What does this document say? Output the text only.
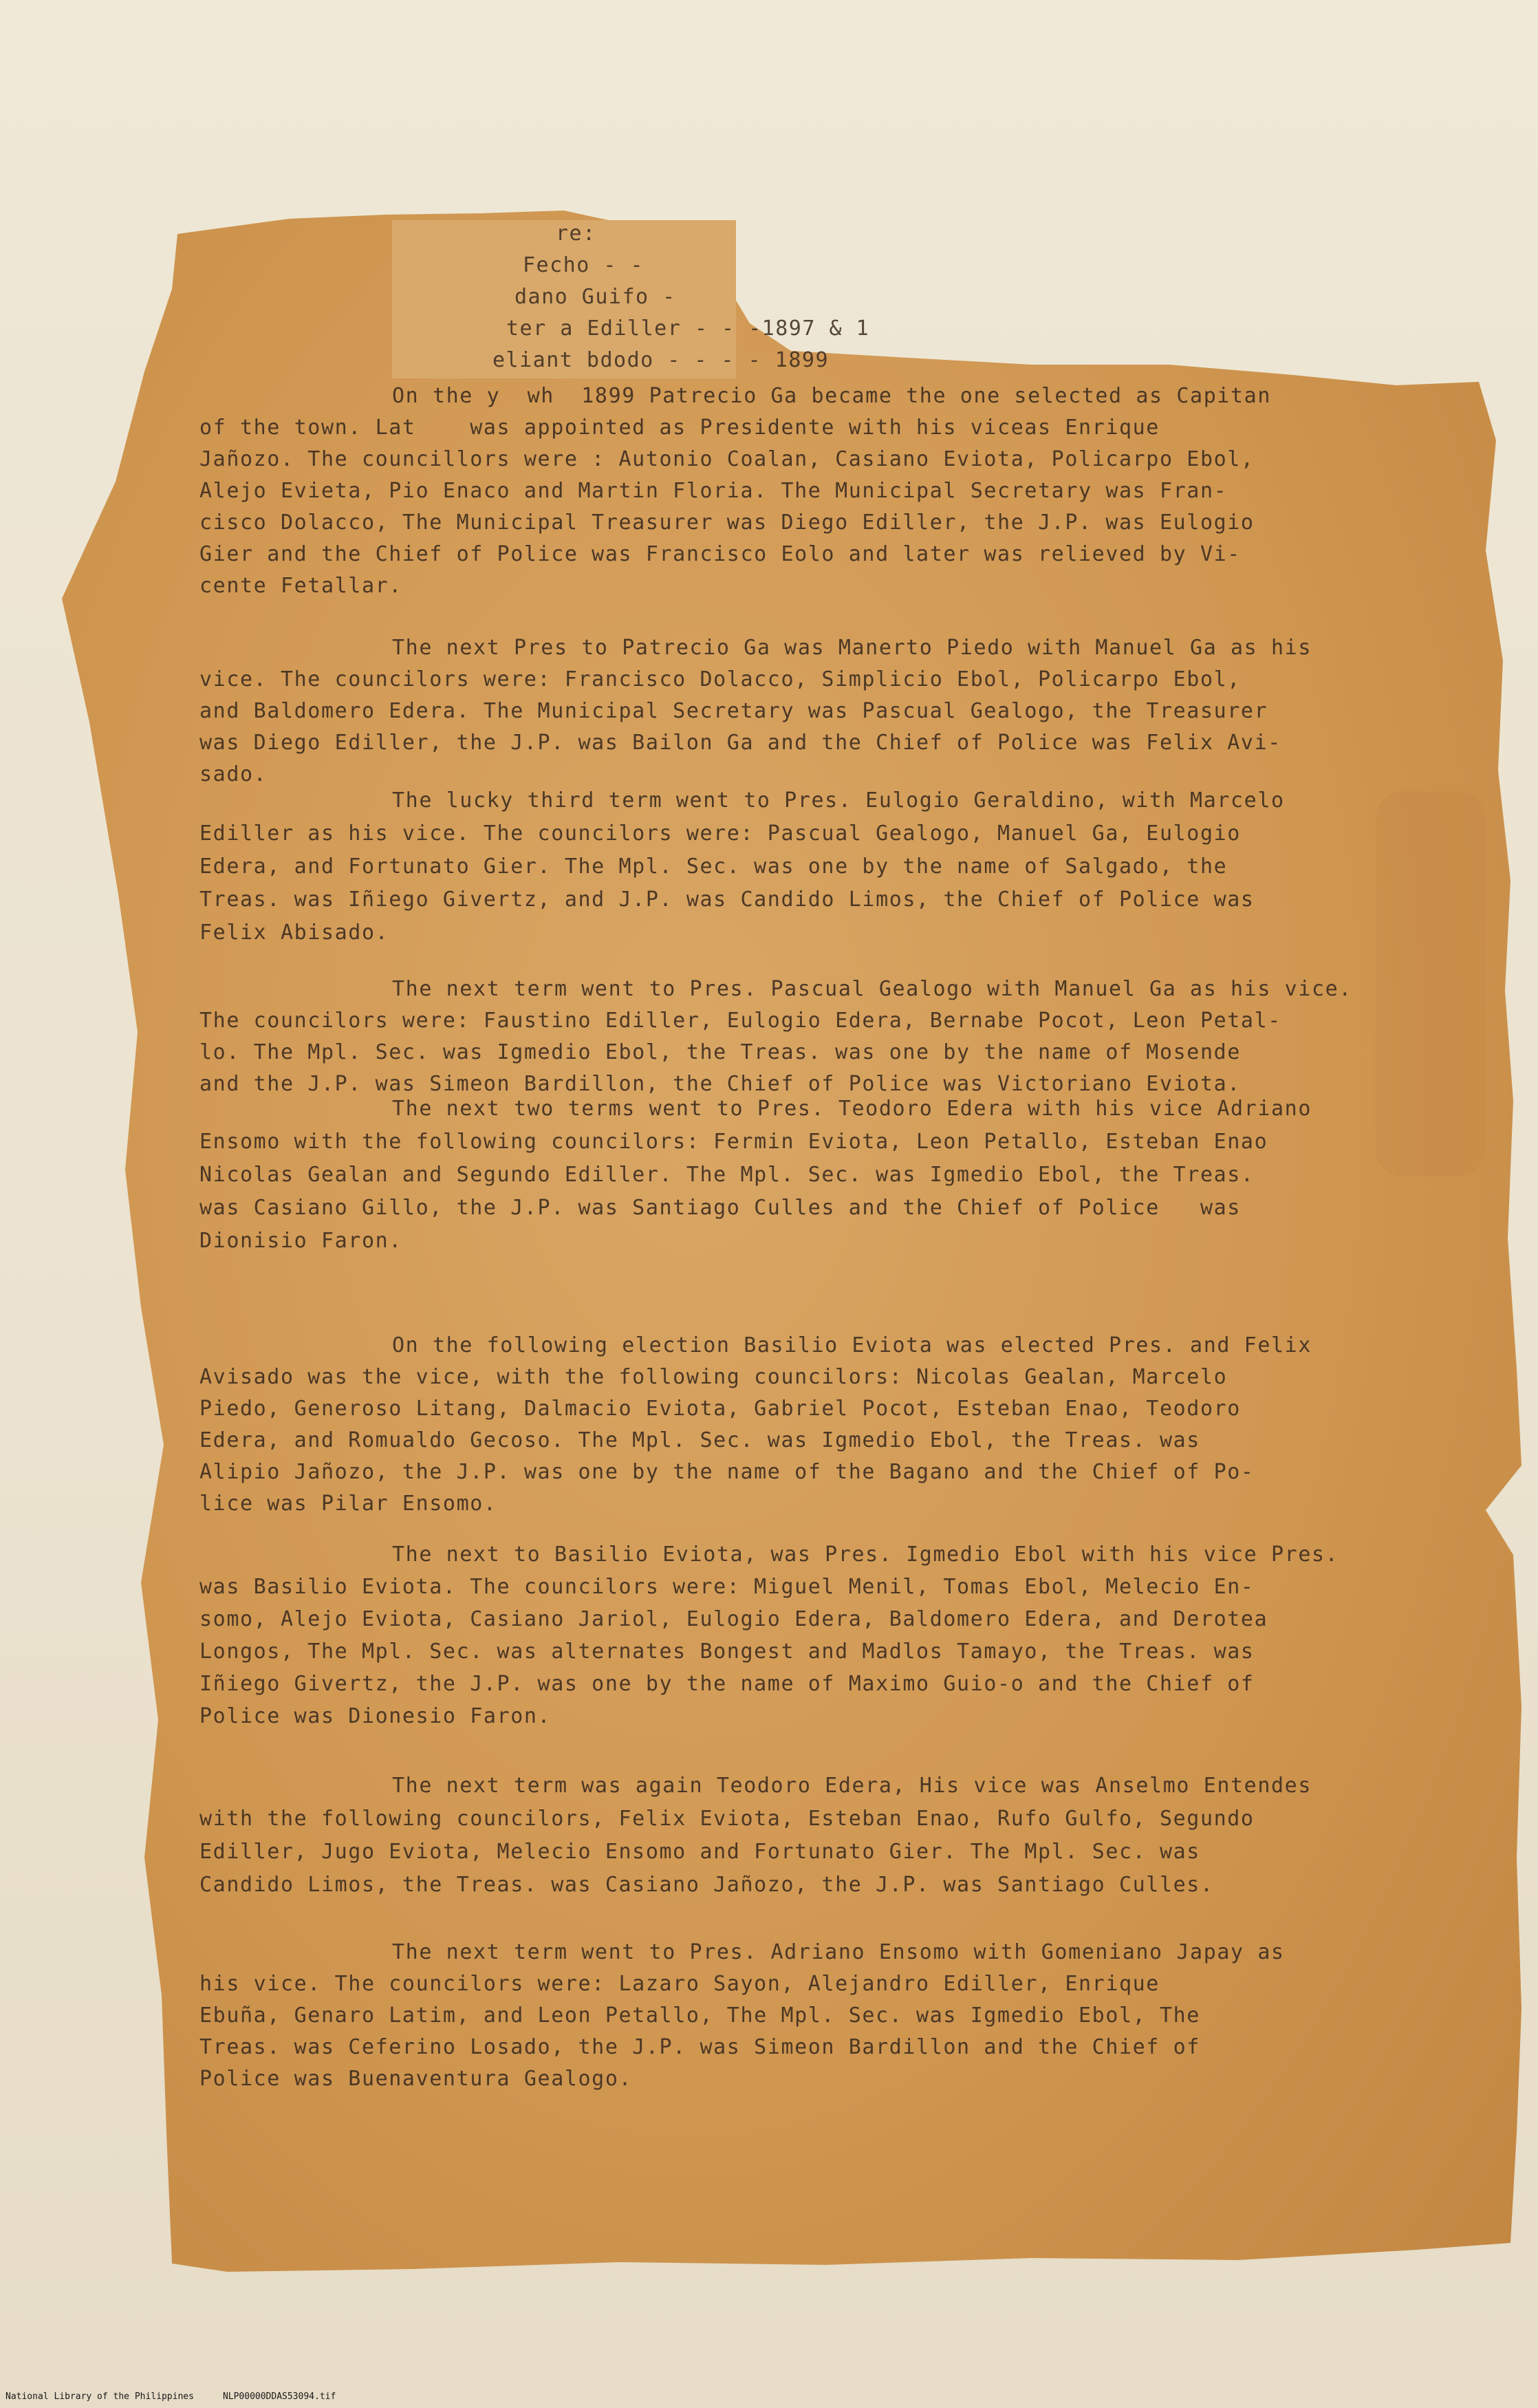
re:
Fecho - -
dano Guifo -
ter a Ediller - - -1897 & 1
eliant bdodo - - - - 1899
On the y  wh  1899 Patrecio Ga became the one selected as Capitan
of the town. Lat    was appointed as Presidente with his viceas Enrique
Jañozo. The councillors were : Autonio Coalan, Casiano Eviota, Policarpo Ebol,
Alejo Evieta, Pio Enaco and Martin Floria. The Municipal Secretary was Fran-
cisco Dolacco, The Municipal Treasurer was Diego Ediller, the J.P. was Eulogio
Gier and the Chief of Police was Francisco Eolo and later was relieved by Vi-
cente Fetallar.
The next Pres to Patrecio Ga was Manerto Piedo with Manuel Ga as his
vice. The councilors were: Francisco Dolacco, Simplicio Ebol, Policarpo Ebol,
and Baldomero Edera. The Municipal Secretary was Pascual Gealogo, the Treasurer
was Diego Ediller, the J.P. was Bailon Ga and the Chief of Police was Felix Avi-
sado.
The lucky third term went to Pres. Eulogio Geraldino, with Marcelo
Ediller as his vice. The councilors were: Pascual Gealogo, Manuel Ga, Eulogio
Edera, and Fortunato Gier. The Mpl. Sec. was one by the name of Salgado, the
Treas. was Iñiego Givertz, and J.P. was Candido Limos, the Chief of Police was
Felix Abisado.
The next term went to Pres. Pascual Gealogo with Manuel Ga as his vice.
The councilors were: Faustino Ediller, Eulogio Edera, Bernabe Pocot, Leon Petal-
lo. The Mpl. Sec. was Igmedio Ebol, the Treas. was one by the name of Mosende
and the J.P. was Simeon Bardillon, the Chief of Police was Victoriano Eviota.
The next two terms went to Pres. Teodoro Edera with his vice Adriano
Ensomo with the following councilors: Fermin Eviota, Leon Petallo, Esteban Enao
Nicolas Gealan and Segundo Ediller. The Mpl. Sec. was Igmedio Ebol, the Treas.
was Casiano Gillo, the J.P. was Santiago Culles and the Chief of Police   was
Dionisio Faron.
On the following election Basilio Eviota was elected Pres. and Felix
Avisado was the vice, with the following councilors: Nicolas Gealan, Marcelo
Piedo, Generoso Litang, Dalmacio Eviota, Gabriel Pocot, Esteban Enao, Teodoro
Edera, and Romualdo Gecoso. The Mpl. Sec. was Igmedio Ebol, the Treas. was
Alipio Jañozo, the J.P. was one by the name of the Bagano and the Chief of Po-
lice was Pilar Ensomo.
The next to Basilio Eviota, was Pres. Igmedio Ebol with his vice Pres.
was Basilio Eviota. The councilors were: Miguel Menil, Tomas Ebol, Melecio En-
somo, Alejo Eviota, Casiano Jariol, Eulogio Edera, Baldomero Edera, and Derotea
Longos, The Mpl. Sec. was alternates Bongest and Madlos Tamayo, the Treas. was
Iñiego Givertz, the J.P. was one by the name of Maximo Guio-o and the Chief of
Police was Dionesio Faron.
The next term was again Teodoro Edera, His vice was Anselmo Entendes
with the following councilors, Felix Eviota, Esteban Enao, Rufo Gulfo, Segundo
Ediller, Jugo Eviota, Melecio Ensomo and Fortunato Gier. The Mpl. Sec. was
Candido Limos, the Treas. was Casiano Jañozo, the J.P. was Santiago Culles.
The next term went to Pres. Adriano Ensomo with Gomeniano Japay as
his vice. The councilors were: Lazaro Sayon, Alejandro Ediller, Enrique
Ebuña, Genaro Latim, and Leon Petallo, The Mpl. Sec. was Igmedio Ebol, The
Treas. was Ceferino Losado, the J.P. was Simeon Bardillon and the Chief of
Police was Buenaventura Gealogo.
National Library of the Philippines	NLP00000DDAS53094.tif
